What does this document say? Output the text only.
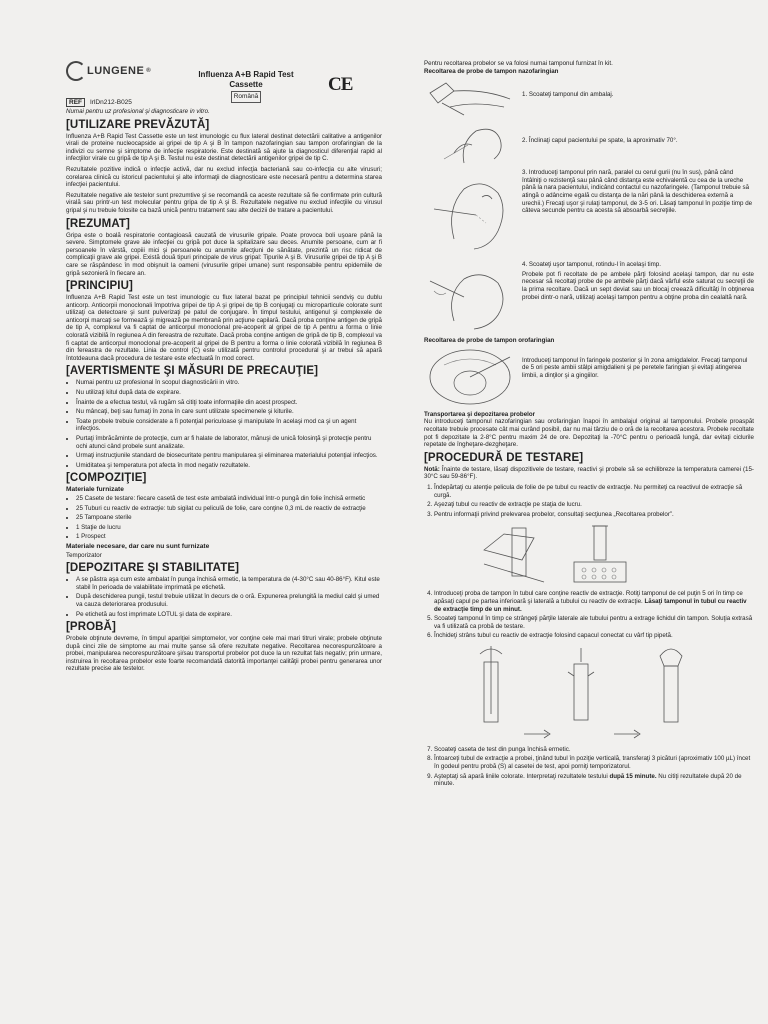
LUNGENE ®	Influenza A+B Rapid Test
Cassette
Română
CE
REF	IrlDn212-B025
Numai pentru uz profesional şi diagnosticare in vitro.
[UTILIZARE PREVĂZUTĂ]

Influenza A+B Rapid Test Cassette este un test imunologic cu flux lateral destinat detectării calitative a antigenilor virali de proteine nucleocapside ai gripei de tip A şi B în tampon nazofaringian sau tampon orofaringian de la indivizi cu semne şi simptome de infecţie respiratorie. Este destinată să ajute la diagnosticul diferenţial rapid al infecţiilor virale cu gripă de tip A şi B. Testul nu este destinat detectării antigenilor gripei de tip C.

Rezultatele pozitive indică o infecţie activă, dar nu exclud infecţia bacteriană sau co-infecţia cu alte virusuri; corelarea clinică cu istoricul pacientului şi alte informaţii de diagnosticare este necesară pentru a determina starea infecţiei pacientului.

Rezultatele negative ale testelor sunt prezumtive şi se recomandă ca aceste rezultate să fie confirmate prin cultură virală sau printr-un test molecular pentru gripa de tip A şi B. Rezultatele negative nu exclud infecţiile cu virusul gripal şi nu trebuie folosite ca bază unică pentru tratament sau alte decizii de tratare a pacientului.

[REZUMAT]

Gripa este o boală respiratorie contagioasă cauzată de virusurile gripale. Poate provoca boli uşoare până la severe. Simptomele grave ale infecţiei cu gripă pot duce la spitalizare sau deces. Anumite persoane, cum ar fi persoanele în vârstă, copiii mici şi persoanele cu anumite afecţiuni de sănătate, prezintă un risc ridicat de complicaţii grave ale gripei. Există două tipuri principale de virus gripal: Tipurile A şi B. Virusurile gripei de tip A şi B care se răspândesc în mod obişnuit la oameni (virusurile gripei umane) sunt responsabile pentru epidemiile de gripă sezonieră în fiecare an.

[PRINCIPIU]

Influenza A+B Rapid Test este un test imunologic cu flux lateral bazat pe principiul tehnicii sendviş cu dublu anticorp. Anticorpii monoclonali împotriva gripei de tip A şi gripei de tip B conjugaţi cu microparticule colorate sunt utilizaţi ca detectoare şi sunt pulverizaţi pe patul de conjugare. În timpul testului, antigenul şi complexele de anticorpi marcaţi se formează şi migrează pe membrană prin acţiune capilară. Dacă proba conţine antigen de gripă de tip A, complexul va fi captat de anticorpul monoclonal pre-acoperit al gripei de tip A pentru a forma o linie colorată vizibilă în regiunea A din fereastra de rezultate. Dacă proba conţine antigen de gripă de tip B, complexul va fi captat de anticorpul monoclonal pre-acoperit al gripei de B pentru a forma o linie colorată vizibilă în regiunea B din fereastra de rezultate. Linia de control (C) este utilizată pentru controlul procedural şi ar trebui să apară întotdeauna dacă procedura de testare este efectuată în mod corect.

[AVERTISMENTE ŞI MĂSURI DE PRECAUŢIE]
• Numai pentru uz profesional în scopul diagnosticării in vitro.
• Nu utilizaţi kitul după data de expirare.
• Înainte de a efectua testul, vă rugăm să citiţi toate informaţiile din acest prospect.
• Nu mâncaţi, beţi sau fumaţi în zona în care sunt utilizate specimenele şi kiturile.
• Toate probele trebuie considerate a fi potenţial periculoase şi manipulate în acelaşi mod ca şi un agent infecţios.
• Purtaţi îmbrăcăminte de protecţie, cum ar fi halate de laborator, mănuşi de unică folosinţă şi protecţie pentru ochi atunci când probele sunt analizate.
• Urmaţi instrucţiunile standard de biosecuritate pentru manipularea şi eliminarea materialului potenţial infecţios.
• Umiditatea şi temperatura pot afecta în mod negativ rezultatele.
[COMPOZIŢIE]
Materiale furnizate
• 25 Casete de testare: fiecare casetă de test este ambalată individual într-o pungă din folie închisă ermetic
• 25 Tuburi cu reactiv de extracţie: tub sigilat cu peliculă de folie, care conţine 0,3 mL de reactiv de extracţie
• 25 Tampoane sterile
• 1 Staţie de lucru
• 1 Prospect
Materiale necesare, dar care nu sunt furnizate
Temporizator
[DEPOZITARE ŞI STABILITATE]
• A se păstra aşa cum este ambalat în punga închisă ermetic, la temperatura de (4-30°C sau 40-86°F). Kitul este stabil în perioada de valabilitate imprimată pe etichetă.
• După deschiderea pungii, testul trebuie utilizat în decurs de o oră. Expunerea prelungită la mediul cald şi umed va cauza deteriorarea produsului.
• Pe etichetă au fost imprimate LOTUL şi data de expirare.
[PROBĂ]

Probele obţinute devreme, în timpul apariţiei simptomelor, vor conţine cele mai mari titruri virale; probele obţinute după cinci zile de simptome au mai multe şanse să ofere rezultate negative. Recoltarea necorespunzătoare a probei, manipularea necorespunzătoare şi/sau transportul probelor pot duce la un rezultat fals negativ; prin urmare, instruirea în recoltarea probelor este foarte recomandată datorită importanţei calităţii probei pentru generarea unor rezultate precise ale testelor.

Pentru recoltarea probelor se va folosi numai tamponul furnizat în kit.
Recoltarea de probe de tampon nazofaringian
1. Scoateţi tamponul din ambalaj.
2. Înclinaţi capul pacientului pe spate, la aproximativ 70°.
3. Introduceţi tamponul prin nară, paralel cu cerul gurii (nu în sus), până când întâlniţi o rezistenţă sau până când distanţa este echivalentă cu cea de la ureche până la nara pacientului, indicând contactul cu nazofaringele. (Tamponul trebuie să atingă o adâncime egală cu distanţa de la nări până la deschiderea externă a urechii.) Frecaţi uşor şi rulaţi tamponul, de 3-5 ori. Lăsaţi tamponul în poziţie timp de câteva secunde pentru ca acesta să absoarbă secreţiile.
4. Scoateţi uşor tamponul, rotindu-l în acelaşi timp.

Probele pot fi recoltate de pe ambele părţi folosind acelaşi tampon, dar nu este necesar să recoltaţi probe de pe ambele părţi dacă vârful este saturat cu secreţii de la prima recoltare. Dacă un sept deviat sau un blocaj creează dificultăţi în obţinerea probei dintr-o nară, utilizaţi acelaşi tampon pentru a obţine proba din cealaltă nară.

Recoltarea de probe de tampon orofaringian
Introduceţi tamponul în faringele posterior şi în zona amigdalelor. Frecaţi tamponul de 5 ori peste ambii stâlpi amigdalieni şi pe peretele faringian şi evitaţi atingerea limbii, a dinţilor şi a gingiilor.
Transportarea şi depozitarea probelor

Nu introduceţi tamponul nazofaringian sau orofaringian înapoi în ambalajul original al tamponului. Probele proaspăt recoltate trebuie procesate cât mai curând posibil, dar nu mai târziu de o oră de la recoltarea acestora. Probele recoltate pot fi depozitate la 2-8°C pentru maxim 24 de ore. Depozitaţi la -70°C pentru o perioadă lungă, dar evitaţi ciclurile repetate de îngheţare-dezgheţare.

[PROCEDURĂ DE TESTARE]

Notă: Înainte de testare, lăsaţi dispozitivele de testare, reactivi şi probele să se echilibreze la temperatura camerei (15-30°C sau 59-86°F).

1. Îndepărtaţi cu atenţie pelicula de folie de pe tubul cu reactiv de extracţie. Nu permiteţi ca reactivul de extracţie să curgă.
2. Aşezaţi tubul cu reactiv de extracţie pe staţia de lucru.
3. Pentru informaţii privind prelevarea probelor, consultaţi secţiunea „Recoltarea probelor”.
4. Introduceţi proba de tampon în tubul care conţine reactiv de extracţie. Rotiţi tamponul de cel puţin 5 ori în timp ce apăsaţi capul pe partea inferioară şi laterală a tubului cu reactiv de extracţie. Lăsaţi tamponul în tubul cu reactiv de extracţie timp de un minut.
5. Scoateţi tamponul în timp ce strângeţi părţile laterale ale tubului pentru a extrage lichidul din tampon. Soluţia extrasă va fi utilizată ca probă de testare.
6. Închideţi strâns tubul cu reactiv de extracţie folosind capacul conectat cu vârf tip pipetă.
7. Scoateţi caseta de test din punga închisă ermetic.
8. Întoarceţi tubul de extracţie a probei, ţinând tubul în poziţie verticală, transferaţi 3 picături (aproximativ 100 µL) încet în godeul pentru probă (S) al casetei de test, apoi porniţi temporizatorul.
9. Aşteptaţi să apară liniile colorate. Interpretaţi rezultatele testului după 15 minute. Nu citiţi rezultatele după 20 de minute.
